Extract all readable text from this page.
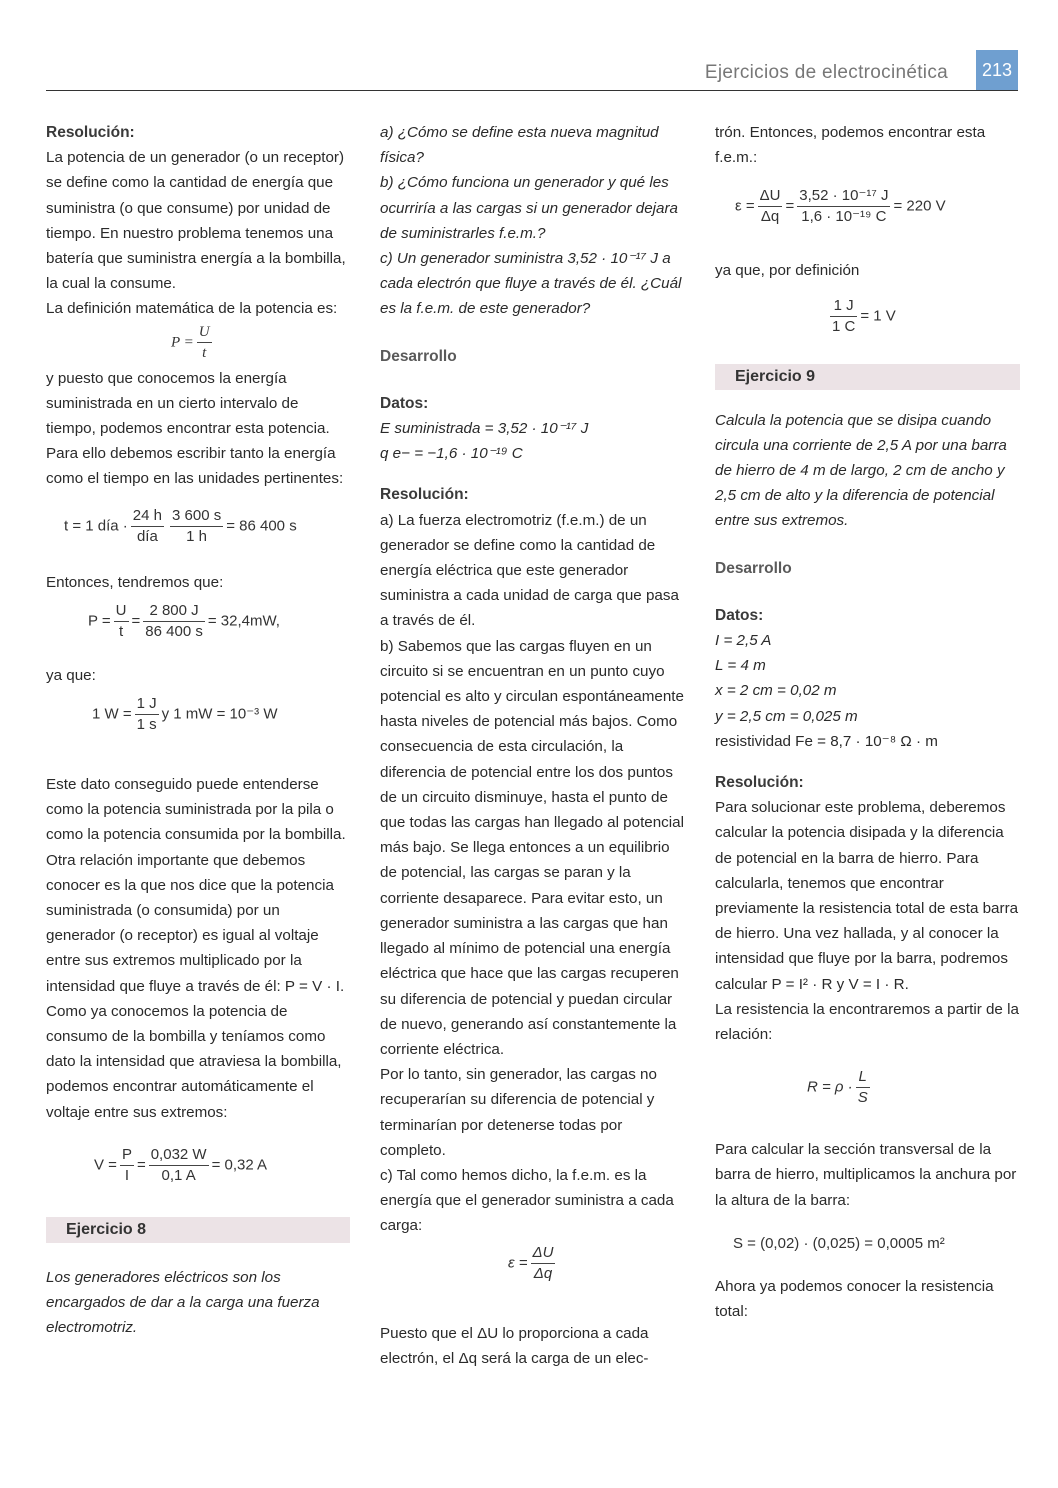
Ejercicios de electrocinética	213

Resolución:

La potencia de un generador (o un receptor) se define como la cantidad de energía que suministra (o que consume) por unidad de tiempo. En nuestro problema tenemos una batería que suministra energía a la bombilla, la cual la consume.

La definición matemática de la potencia es:

$P = \frac{U}{t}$

y puesto que conocemos la energía suministrada en un cierto intervalo de tiempo, podemos encontrar esta potencia. Para ello debemos escribir tanto la energía como el tiempo en las unidades pertinentes:

t = 1 día ·
24 h
día $\frac{3 600 s}{1 h} = 86$ 400 s

Entonces, tendremos que:

$P = \frac{U}{t} = \frac{2 800 J}{86 400 s} = 32,4mW$,

ya que:

1 $W = \frac{1 J}{1 s}$ y 1 mW = 10⁻³ W

Este dato conseguido puede entenderse como la potencia suministrada por la pila o como la potencia consumida por la bombilla.

Otra relación importante que debemos conocer es la que nos dice que la potencia suministrada (o consumida) por un generador (o receptor) es igual al voltaje entre sus extremos multiplicado por la intensidad que fluye a través de él: P = V · I.

Como ya conocemos la potencia de consumo de la bombilla y teníamos como dato la intensidad que atraviesa la bombilla, podemos encontrar automáticamente el voltaje entre sus extremos:

$V = \frac{P}{I} = \frac{0,032 W}{0,1 A} = 0,32$ A
Ejercicio 8

Los generadores eléctricos son los encargados de dar a la carga una fuerza electromotriz.

a) ¿Cómo se define esta nueva magnitud física?

b) ¿Cómo funciona un generador y qué les ocurriría a las cargas si un generador dejara de suministrarles f.e.m.?

c) Un generador suministra 3,52 · 10⁻¹⁷ J a cada electrón que fluye a través de él. ¿Cuál es la f.e.m. de este generador?

Desarrollo

Datos:

E suministrada = 3,52 · 10⁻¹⁷ J

q e− = −1,6 · 10⁻¹⁹ C

Resolución:

a) La fuerza electromotriz (f.e.m.) de un generador se define como la cantidad de energía eléctrica que este generador suministra a cada unidad de carga que pasa a través de él.

b) Sabemos que las cargas fluyen en un circuito si se encuentran en un punto cuyo potencial es alto y circulan espontáneamente hasta niveles de potencial más bajos. Como consecuencia de esta circulación, la diferencia de potencial entre los dos puntos de un circuito disminuye, hasta el punto de que todas las cargas han llegado al potencial más bajo. Se llega entonces a un equilibrio de potencial, las cargas se paran y la corriente desaparece. Para evitar esto, un generador suministra a las cargas que han llegado al mínimo de potencial una energía eléctrica que hace que las cargas recuperen su diferencia de potencial y puedan circular de nuevo, generando así constantemente la corriente eléctrica.

Por lo tanto, sin generador, las cargas no recuperarían su diferencia de potencial y terminarían por detenerse todas por completo.

c) Tal como hemos dicho, la f.e.m. es la energía que el generador suministra a cada carga:

$\varepsilon = \frac{\Delta U}{\Delta q}$

Puesto que el ΔU lo proporciona a cada electrón, el Δq será la carga de un elec-

trón. Entonces, podemos encontrar esta f.e.m.:

$\varepsilon = \frac{\Delta U}{\Delta q} = \frac{\text{3,52 · 10⁻¹⁷ J}}{\text{1,6 · 10⁻¹⁹ C}} = 220$ V

ya que, por definición

$\frac{1 J}{1 C} = 1$ V
Ejercicio 9

Calcula la potencia que se disipa cuando circula una corriente de 2,5 A por una barra de hierro de 4 m de largo, 2 cm de ancho y 2,5 cm de alto y la diferencia de potencial entre sus extremos.

Desarrollo

Datos:

I = 2,5 A

L = 4 m

x = 2 cm = 0,02 m

y = 2,5 cm = 0,025 m

resistividad Fe = 8,7 · 10⁻⁸ Ω · m

Resolución:

Para solucionar este problema, deberemos calcular la potencia disipada y la diferencia de potencial en la barra de hierro. Para calcularla, tenemos que encontrar previamente la resistencia total de esta barra de hierro. Una vez hallada, y al conocer la intensidad que fluye por la barra, podremos calcular P = I² · R y V = I · R.

La resistencia la encontraremos a partir de la relación:

$R = \rho \cdot \frac{L}{S}$

Para calcular la sección transversal de la barra de hierro, multiplicamos la anchura por la altura de la barra:

S = (0,02) · (0,025) = 0,0005 m²

Ahora ya podemos conocer la resistencia total:
